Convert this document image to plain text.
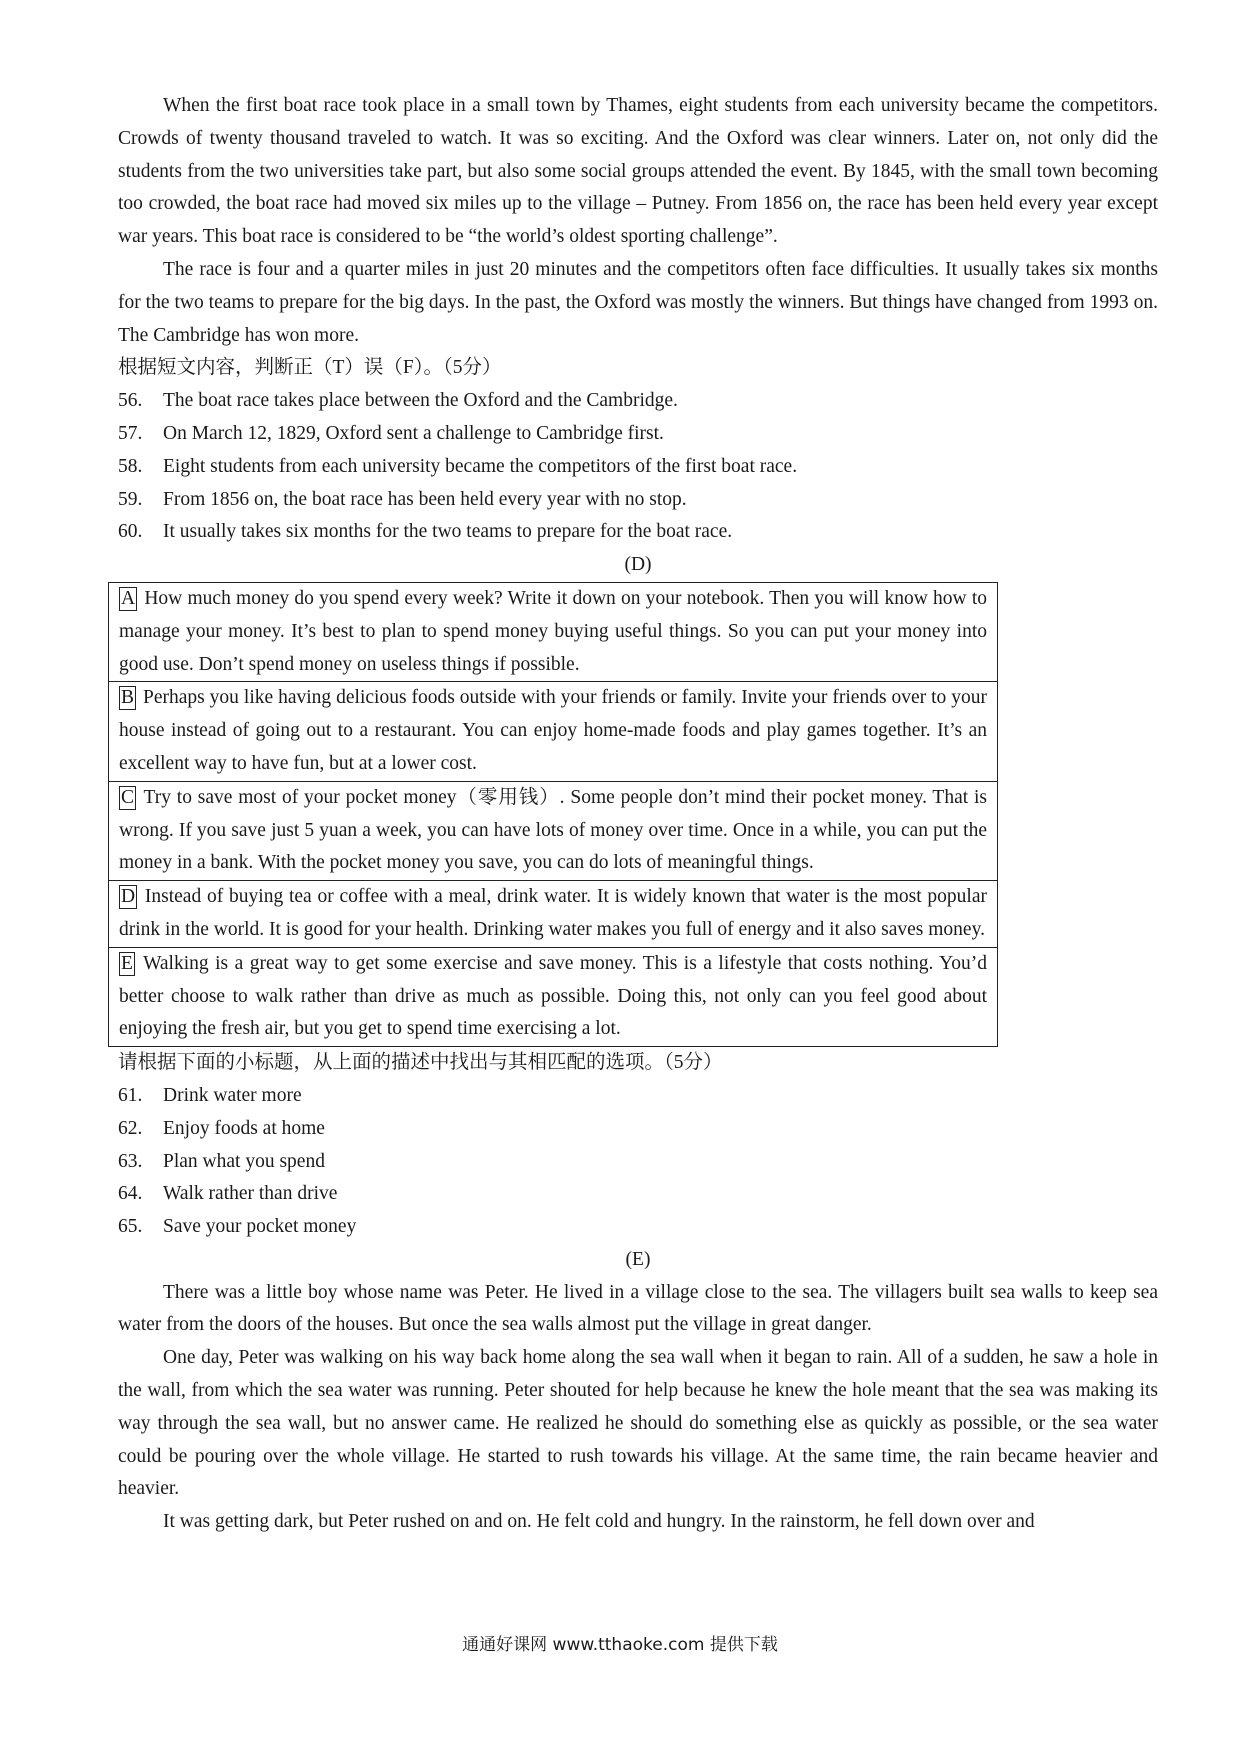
When the first boat race took place in a small town by Thames, eight students from each university became the competitors. Crowds of twenty thousand traveled to watch. It was so exciting. And the Oxford was clear winners. Later on, not only did the students from the two universities take part, but also some social groups attended the event. By 1845, with the small town becoming too crowded, the boat race had moved six miles up to the village – Putney. From 1856 on, the race has been held every year except war years. This boat race is considered to be “the world’s oldest sporting challenge”.

The race is four and a quarter miles in just 20 minutes and the competitors often face difficulties. It usually takes six months for the two teams to prepare for the big days. In the past, the Oxford was mostly the winners. But things have changed from 1993 on. The Cambridge has won more.

根据短文内容，判断正（T）误（F）。（5分）

56. The boat race takes place between the Oxford and the Cambridge.

57. On March 12, 1829, Oxford sent a challenge to Cambridge first.

58. Eight students from each university became the competitors of the first boat race.

59. From 1856 on, the boat race has been held every year with no stop.

60. It usually takes six months for the two teams to prepare for the boat race.

(D)

A How much money do you spend every week? Write it down on your notebook. Then you will know how to manage your money. It’s best to plan to spend money buying useful things. So you can put your money into good use. Don’t spend money on useless things if possible.
B Perhaps you like having delicious foods outside with your friends or family. Invite your friends over to your house instead of going out to a restaurant. You can enjoy home-made foods and play games together. It’s an excellent way to have fun, but at a lower cost.
C Try to save most of your pocket money（零用钱）. Some people don’t mind their pocket money. That is wrong. If you save just 5 yuan a week, you can have lots of money over time. Once in a while, you can put the money in a bank. With the pocket money you save, you can do lots of meaningful things.
D Instead of buying tea or coffee with a meal, drink water. It is widely known that water is the most popular drink in the world. It is good for your health. Drinking water makes you full of energy and it also saves money.
E Walking is a great way to get some exercise and save money. This is a lifestyle that costs nothing. You’d better choose to walk rather than drive as much as possible. Doing this, not only can you feel good about enjoying the fresh air, but you get to spend time exercising a lot.

请根据下面的小标题，从上面的描述中找出与其相匹配的选项。（5分）

61. Drink water more

62. Enjoy foods at home

63. Plan what you spend

64. Walk rather than drive

65. Save your pocket money

(E)

There was a little boy whose name was Peter. He lived in a village close to the sea. The villagers built sea walls to keep sea water from the doors of the houses. But once the sea walls almost put the village in great danger.

One day, Peter was walking on his way back home along the sea wall when it began to rain. All of a sudden, he saw a hole in the wall, from which the sea water was running. Peter shouted for help because he knew the hole meant that the sea was making its way through the sea wall, but no answer came. He realized he should do something else as quickly as possible, or the sea water could be pouring over the whole village. He started to rush towards his village. At the same time, the rain became heavier and heavier.

It was getting dark, but Peter rushed on and on. He felt cold and hungry. In the rainstorm, he fell down over and

通通好课网 www.tthaoke.com 提供下载
